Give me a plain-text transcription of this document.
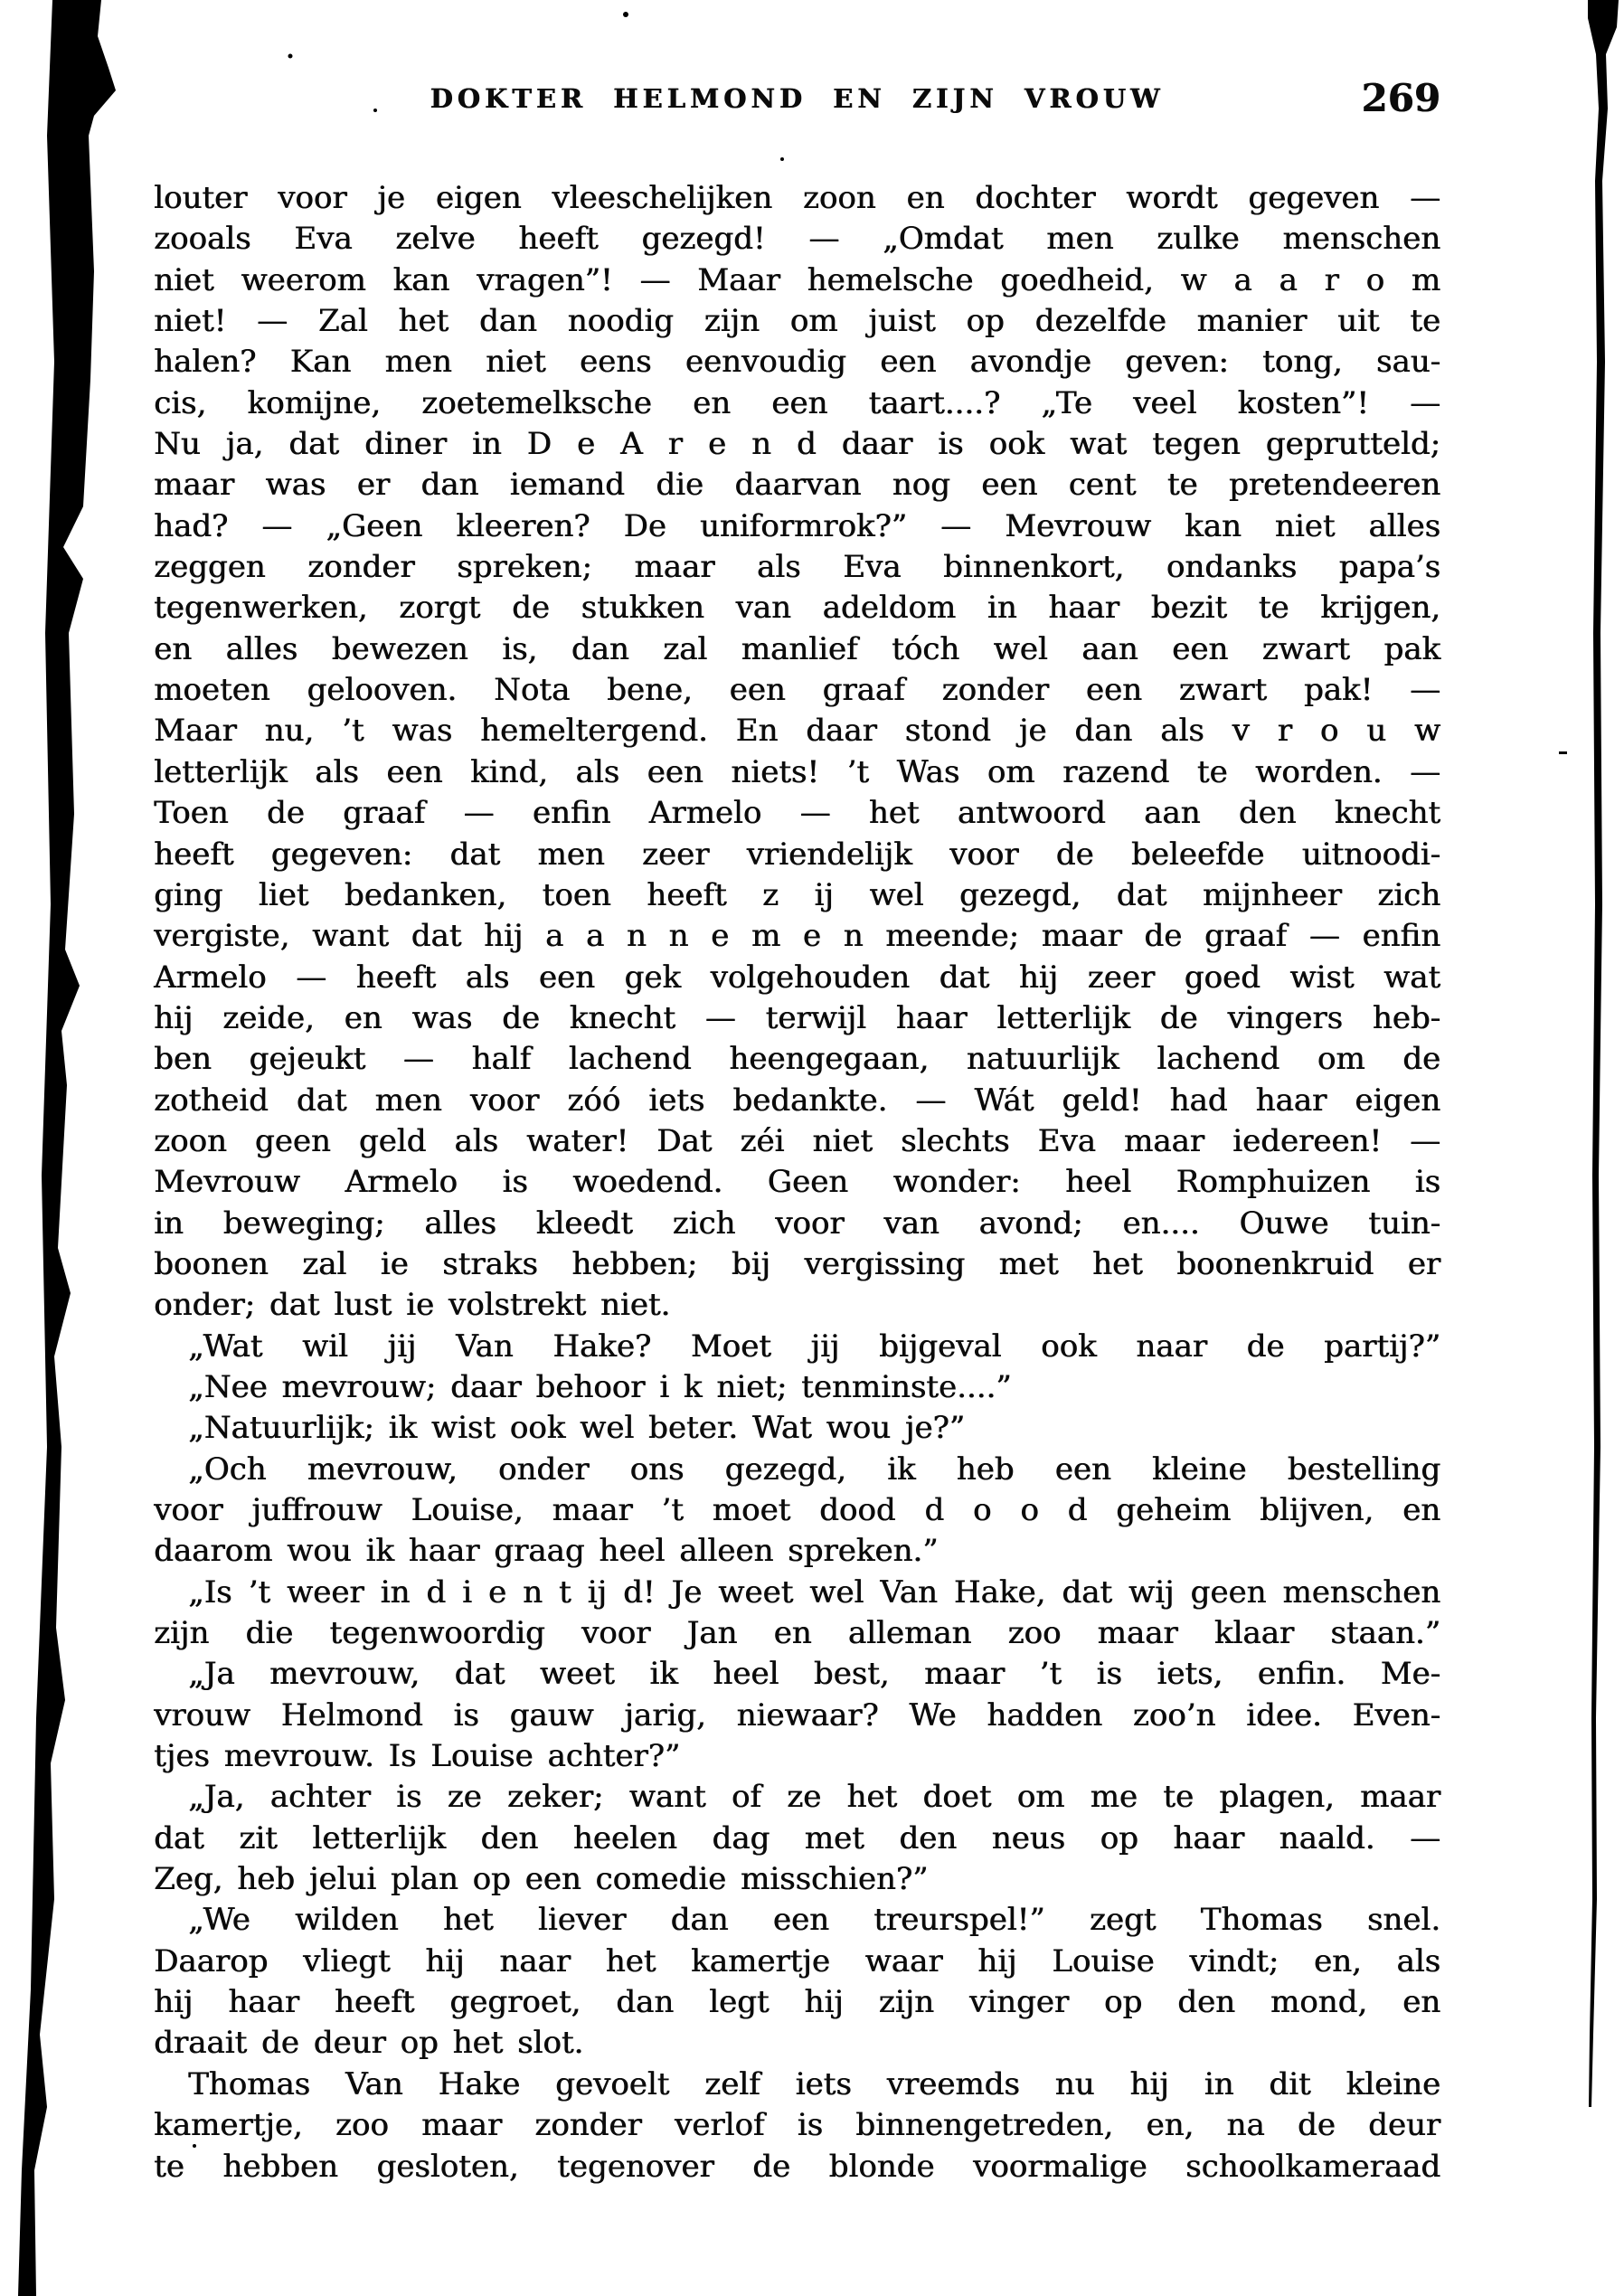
DOKTER HELMOND EN ZIJN VROUW	269
louter voor je eigen vleeschelijken zoon en dochter wordt gegeven —
zooals Eva zelve heeft gezegd! — „Omdat men zulke menschen
niet weerom kan vragen”! — Maar hemelsche goedheid, w a a r o m
niet! — Zal het dan noodig zijn om juist op dezelfde manier uit te
halen? Kan men niet eens eenvoudig een avondje geven: tong, sau-
cis, komijne, zoetemelksche en een taart....? „Te veel kosten”! —
Nu ja, dat diner in D e A r e n d daar is ook wat tegen geprutteld;
maar was er dan iemand die daarvan nog een cent te pretendeeren
had? — „Geen kleeren? De uniformrok?” — Mevrouw kan niet alles
zeggen zonder spreken; maar als Eva binnenkort, ondanks papa’s
tegenwerken, zorgt de stukken van adeldom in haar bezit te krijgen,
en alles bewezen is, dan zal manlief tóch wel aan een zwart pak
moeten gelooven. Nota bene, een graaf zonder een zwart pak! —
Maar nu, ’t was hemeltergend. En daar stond je dan als v r o u w
letterlijk als een kind, als een niets! ’t Was om razend te worden. —
Toen de graaf — enfin Armelo — het antwoord aan den knecht
heeft gegeven: dat men zeer vriendelijk voor de beleefde uitnoodi-
ging liet bedanken, toen heeft z ij wel gezegd, dat mijnheer zich
vergiste, want dat hij a a n n e m e n meende; maar de graaf — enfin
Armelo — heeft als een gek volgehouden dat hij zeer goed wist wat
hij zeide, en was de knecht — terwijl haar letterlijk de vingers heb-
ben gejeukt — half lachend heengegaan, natuurlijk lachend om de
zotheid dat men voor zóó iets bedankte. — Wát geld! had haar eigen
zoon geen geld als water! Dat zéi niet slechts Eva maar iedereen! —
Mevrouw Armelo is woedend. Geen wonder: heel Romphuizen is
in beweging; alles kleedt zich voor van avond; en.... Ouwe tuin-
boonen zal ie straks hebben; bij vergissing met het boonenkruid er
onder; dat lust ie volstrekt niet.
„Wat wil jij Van Hake? Moet jij bijgeval ook naar de partij?”
„Nee mevrouw; daar behoor i k niet; tenminste....”
„Natuurlijk; ik wist ook wel beter. Wat wou je?”
„Och mevrouw, onder ons gezegd, ik heb een kleine bestelling
voor juffrouw Louise, maar ’t moet dood d o o d geheim blijven, en
daarom wou ik haar graag heel alleen spreken.”
„Is ’t weer in d i e n t ij d! Je weet wel Van Hake, dat wij geen menschen
zijn die tegenwoordig voor Jan en alleman zoo maar klaar staan.”
„Ja mevrouw, dat weet ik heel best, maar ’t is iets, enfin. Me-
vrouw Helmond is gauw jarig, niewaar? We hadden zoo’n idee. Even-
tjes mevrouw. Is Louise achter?”
„Ja, achter is ze zeker; want of ze het doet om me te plagen, maar
dat zit letterlijk den heelen dag met den neus op haar naald. —
Zeg, heb jelui plan op een comedie misschien?”
„We wilden het liever dan een treurspel!” zegt Thomas snel.
Daarop vliegt hij naar het kamertje waar hij Louise vindt; en, als
hij haar heeft gegroet, dan legt hij zijn vinger op den mond, en
draait de deur op het slot.
Thomas Van Hake gevoelt zelf iets vreemds nu hij in dit kleine
kamertje, zoo maar zonder verlof is binnengetreden, en, na de deur
te hebben gesloten, tegenover de blonde voormalige schoolkameraad
